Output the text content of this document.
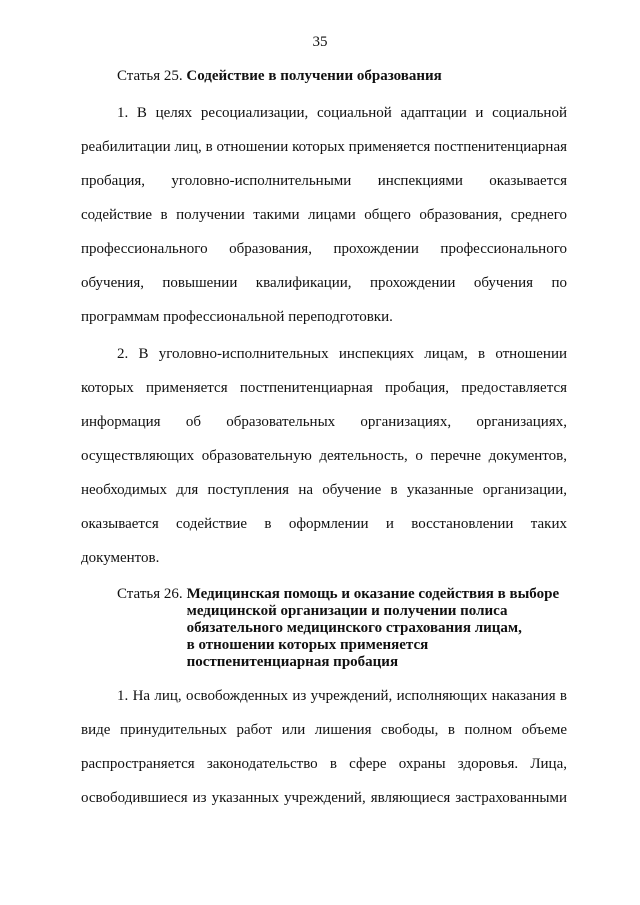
35
Статья 25. Содействие в получении образования
1. В целях ресоциализации, социальной адаптации и социальной
реабилитации лиц, в отношении которых применяется постпенитенциарная
пробация, уголовно-исполнительными инспекциями оказывается
содействие в получении такими лицами общего образования, среднего
профессионального образования, прохождении профессионального
обучения, повышении квалификации, прохождении обучения по
программам профессиональной переподготовки.
2. В уголовно-исполнительных инспекциях лицам, в отношении
которых применяется постпенитенциарная пробация, предоставляется
информация об образовательных организациях, организациях,
осуществляющих образовательную деятельность, о перечне документов,
необходимых для поступления на обучение в указанные организации,
оказывается содействие в оформлении и восстановлении таких
документов.
Статья 26. Медицинская помощь и оказание содействия в выборе
медицинской организации и получении полиса
обязательного медицинского страхования лицам,
в отношении которых применяется
постпенитенциарная пробация
1. На лиц, освобожденных из учреждений, исполняющих наказания в
виде принудительных работ или лишения свободы, в полном объеме
распространяется законодательство в сфере охраны здоровья. Лица,
освободившиеся из указанных учреждений, являющиеся застрахованными
